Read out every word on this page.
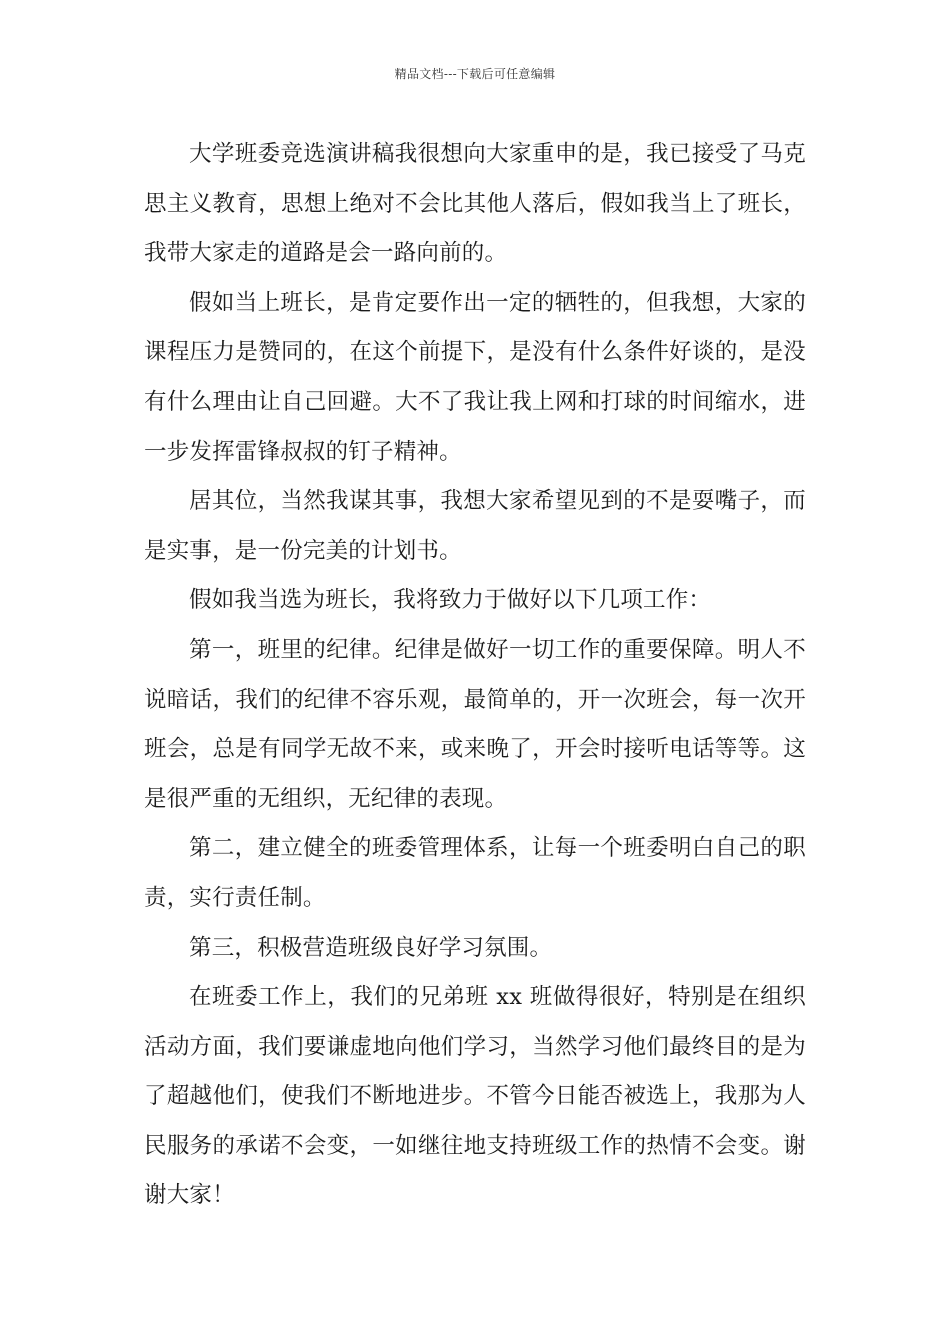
精品文档---下载后可任意编辑

大学班委竞选演讲稿我很想向大家重申的是，我已接受了马克思主义教育，思想上绝对不会比其他人落后，假如我当上了班长，我带大家走的道路是会一路向前的。

假如当上班长，是肯定要作出一定的牺牲的，但我想，大家的课程压力是赞同的，在这个前提下，是没有什么条件好谈的，是没有什么理由让自己回避。大不了我让我上网和打球的时间缩水，进一步发挥雷锋叔叔的钉子精神。

居其位，当然我谋其事，我想大家希望见到的不是耍嘴子，而是实事，是一份完美的计划书。

假如我当选为班长，我将致力于做好以下几项工作：

第一，班里的纪律。纪律是做好一切工作的重要保障。明人不说暗话，我们的纪律不容乐观，最简单的，开一次班会，每一次开班会，总是有同学无故不来，或来晚了，开会时接听电话等等。这是很严重的无组织，无纪律的表现。

第二，建立健全的班委管理体系，让每一个班委明白自己的职责，实行责任制。

第三，积极营造班级良好学习氛围。

在班委工作上，我们的兄弟班 xx 班做得很好，特别是在组织活动方面，我们要谦虚地向他们学习，当然学习他们最终目的是为了超越他们，使我们不断地进步。不管今日能否被选上，我那为人民服务的承诺不会变，一如继往地支持班级工作的热情不会变。谢谢大家！
